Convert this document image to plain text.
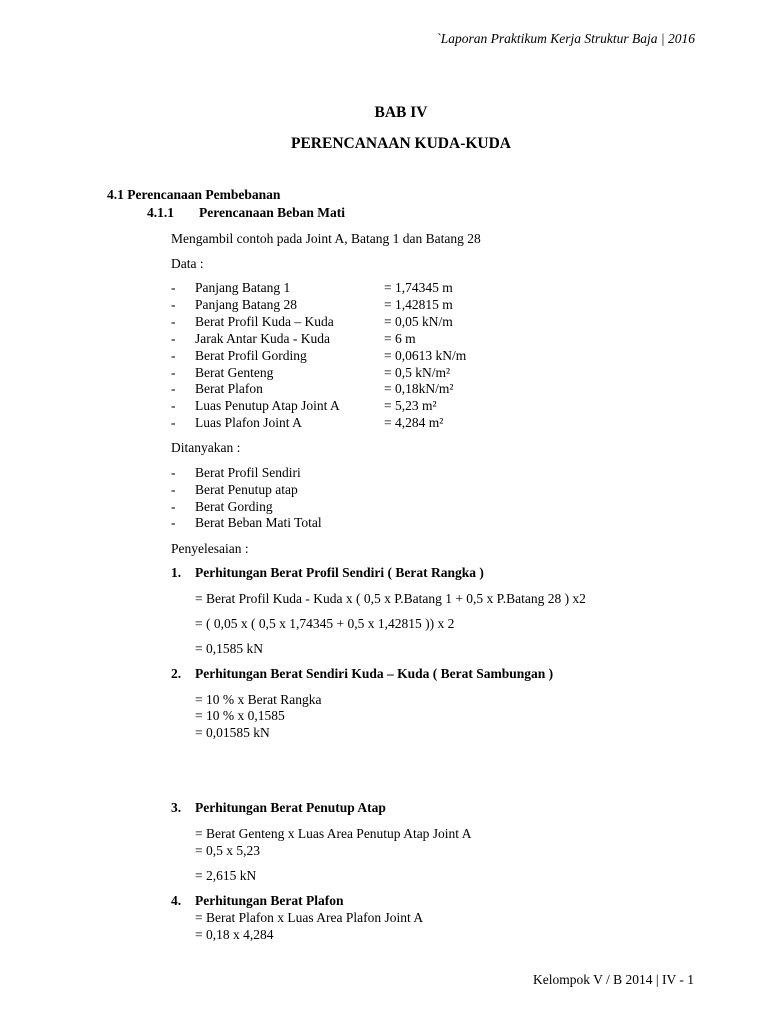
`Laporan Praktikum Kerja Struktur Baja | 2016
BAB IV
PERENCANAAN KUDA-KUDA
4.1 Perencanaan Pembebanan
4.1.1 Perencanaan Beban Mati
Mengambil contoh pada Joint A, Batang 1 dan Batang 28
Data :
- Panjang Batang 1	= 1,74345 m
- Panjang Batang 28	= 1,42815 m
- Berat Profil Kuda – Kuda	= 0,05 kN/m
- Jarak Antar Kuda - Kuda	= 6 m
- Berat Profil Gording	= 0,0613 kN/m
- Berat Genteng	= 0,5 kN/m²
- Berat Plafon	= 0,18kN/m²
- Luas Penutup Atap Joint A	= 5,23 m²
- Luas Plafon Joint A	= 4,284 m²
Ditanyakan :
- Berat Profil Sendiri
- Berat Penutup atap
- Berat Gording
- Berat Beban Mati Total
Penyelesaian :
1. Perhitungan Berat Profil Sendiri ( Berat Rangka )
= Berat Profil Kuda - Kuda x ( 0,5 x P.Batang 1 + 0,5 x P.Batang 28 ) x2
= ( 0,05 x ( 0,5 x 1,74345 + 0,5 x 1,42815 )) x 2
= 0,1585 kN
2. Perhitungan Berat Sendiri Kuda – Kuda ( Berat Sambungan )
= 10 % x Berat Rangka
= 10 % x 0,1585
= 0,01585 kN
3. Perhitungan Berat Penutup Atap
= Berat Genteng x Luas Area Penutup Atap Joint A
= 0,5 x 5,23
= 2,615 kN
4. Perhitungan Berat Plafon
= Berat Plafon x Luas Area Plafon Joint A
= 0,18 x 4,284
Kelompok V / B 2014 | IV - 1
